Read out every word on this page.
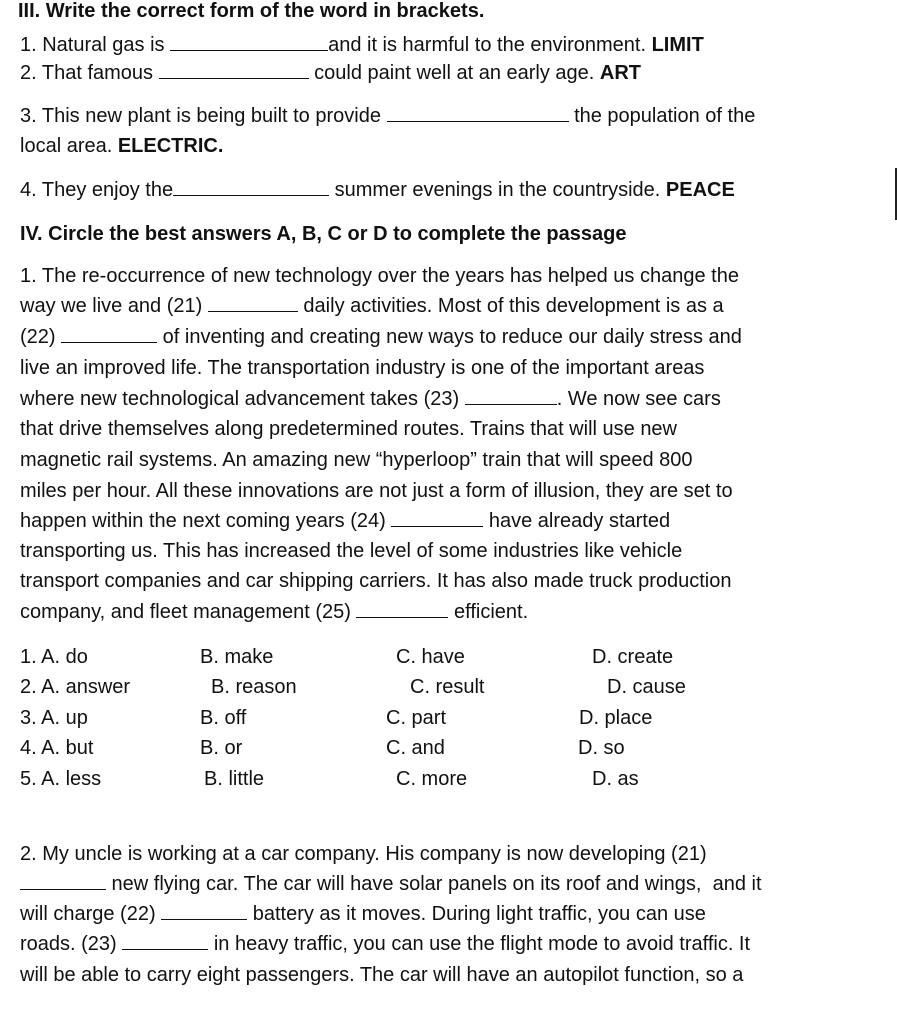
III. Write the correct form of the word in brackets.
1. Natural gas is	and it is harmful to the environment. LIMIT
2. That famous	could paint well at an early age. ART
3. This new plant is being built to provide	the population of the
local area. ELECTRIC.
4. They enjoy the	summer evenings in the countryside. PEACE
IV. Circle the best answers A, B, C or D to complete the passage
1. The re-occurrence of new technology over the years has helped us change the
way we live and (21)	daily activities. Most of this development is as a
(22)	of inventing and creating new ways to reduce our daily stress and
live an improved life. The transportation industry is one of the important areas
where new technological advancement takes (23)	. We now see cars
that drive themselves along predetermined routes. Trains that will use new
magnetic rail systems. An amazing new “hyperloop” train that will speed 800
miles per hour. All these innovations are not just a form of illusion, they are set to
happen within the next coming years (24)	have already started
transporting us. This has increased the level of some industries like vehicle
transport companies and car shipping carriers. It has also made truck production
company, and fleet management (25)	efficient.
1. A. do	B. make	C. have	D. create
2. A. answer	B. reason	C. result	D. cause
3. A. up	B. off	C. part	D. place
4. A. but	B. or	C. and	D. so
5. A. less	B. little	C. more	D. as
2. My uncle is working at a car company. His company is now developing (21)
new flying car. The car will have solar panels on its roof and wings,  and it
will charge (22)	battery as it moves. During light traffic, you can use
roads. (23)	in heavy traffic, you can use the flight mode to avoid traffic. It
will be able to carry eight passengers. The car will have an autopilot function, so a
